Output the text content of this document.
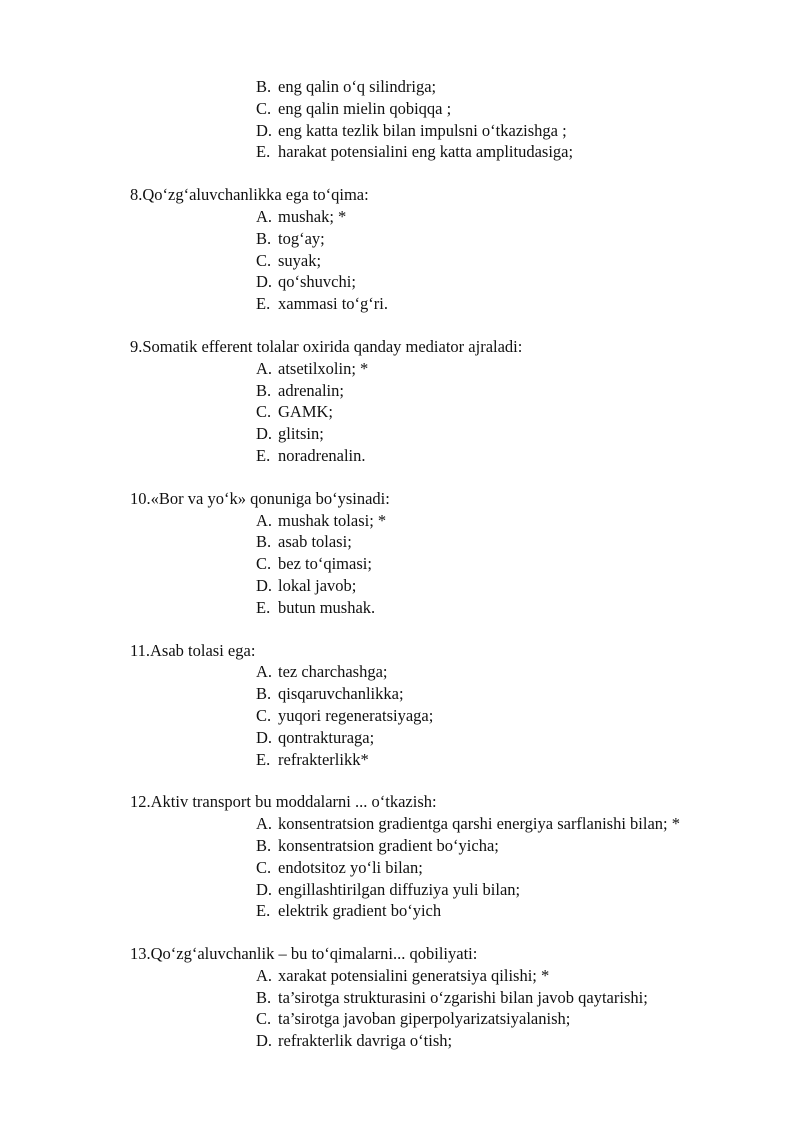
B. eng qalin o‘q silindriga;
C. eng qalin mielin qobiqqa ;
D. eng katta tezlik bilan impulsni o‘tkazishga ;
E. harakat potensialini eng katta amplitudasiga;
8.Qo‘zg‘aluvchanlikka ega to‘qima:
A. mushak; *
B. tog‘ay;
C. suyak;
D. qo‘shuvchi;
E. xammasi to‘g‘ri.
9.Somatik efferent tolalar oxirida qanday mediator ajraladi:
A. atsetilxolin; *
B. adrenalin;
C. GAMK;
D. glitsin;
E. noradrenalin.
10.«Bor va yo‘k» qonuniga bo‘ysinadi:
A. mushak tolasi; *
B. asab tolasi;
C. bez to‘qimasi;
D. lokal javob;
E. butun mushak.
11.Asab tolasi ega:
A. tez charchashga;
B. qisqaruvchanlikka;
C. yuqori regeneratsiyaga;
D. qontrakturaga;
E. refrakterlikk*
12.Aktiv transport bu moddalarni ... o‘tkazish:
A. konsentratsion gradientga qarshi energiya sarflanishi bilan; *
B. konsentratsion gradient bo‘yicha;
C. endotsitoz yo‘li bilan;
D. engillashtirilgan diffuziya yuli bilan;
E. elektrik gradient bo‘yich
13.Qo‘zg‘aluvchanlik – bu to‘qimalarni... qobiliyati:
A. xarakat potensialini generatsiya qilishi; *
B. ta’sirotga strukturasini o‘zgarishi bilan javob qaytarishi;
C. ta’sirotga javoban giperpolyarizatsiyalanish;
D. refrakterlik davriga o‘tish;
